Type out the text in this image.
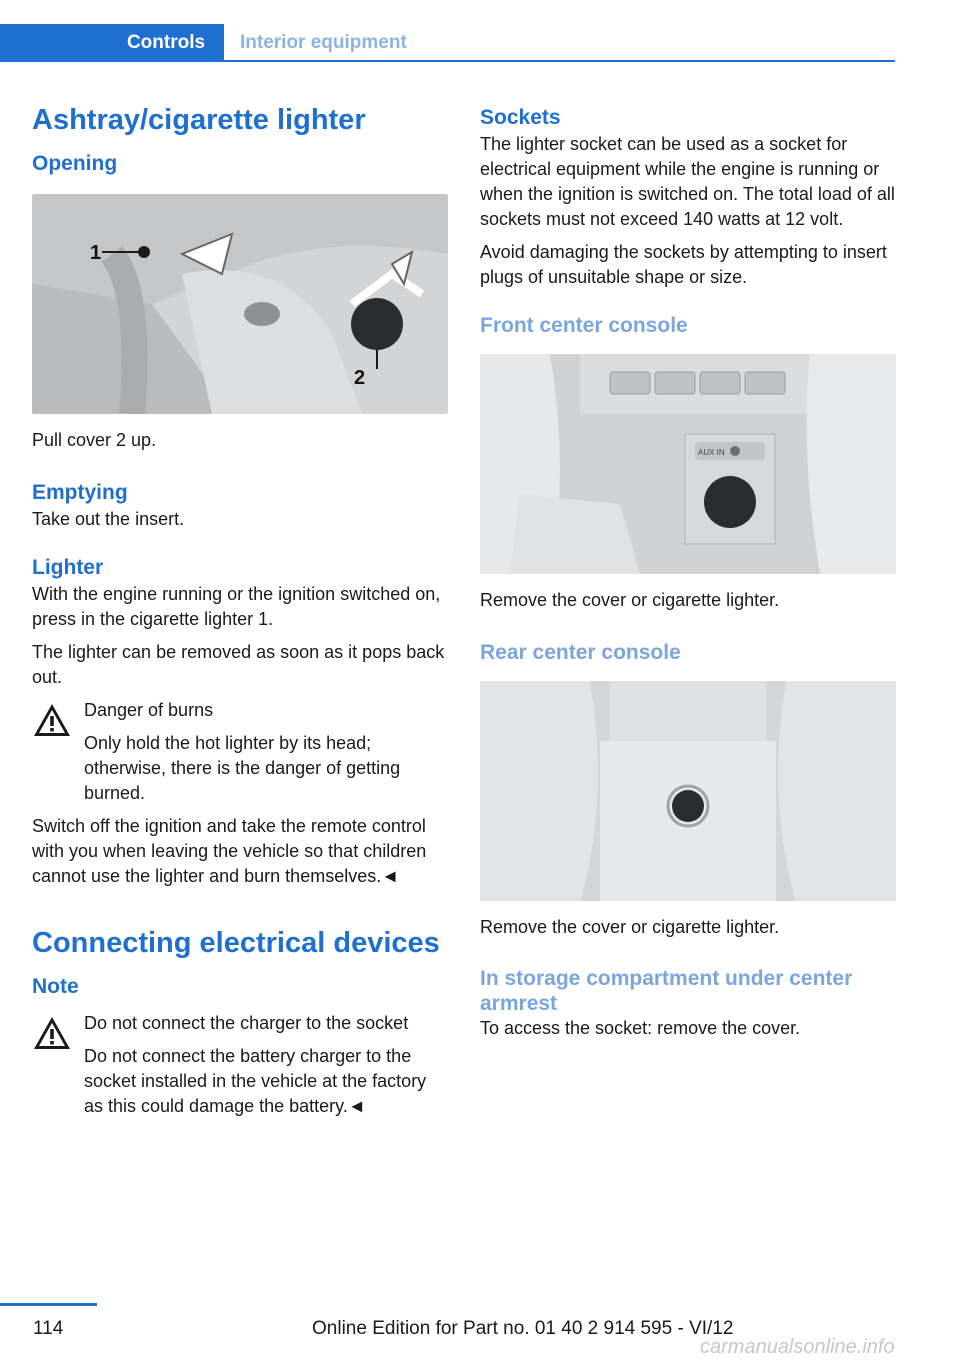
Controls Interior equipment
Ashtray/cigarette lighter
Opening
1
2

Pull cover 2 up.

Emptying

Take out the insert.

Lighter

With the engine running or the ignition switched on, press in the cigarette lighter 1.

The lighter can be removed as soon as it pops back out.

Danger of burns

Only hold the hot lighter by its head; otherwise, there is the danger of getting burned.

Switch off the ignition and take the remote control with you when leaving the vehicle so that children cannot use the lighter and burn themselves.◄

Connecting electrical devices
Note

Do not connect the charger to the socket

Do not connect the battery charger to the socket installed in the vehicle at the factory as this could damage the battery.◄

Sockets

The lighter socket can be used as a socket for electrical equipment while the engine is running or when the ignition is switched on. The total load of all sockets must not exceed 140 watts at 12 volt.

Avoid damaging the sockets by attempting to insert plugs of unsuitable shape or size.

Front center console
AUX IN

Remove the cover or cigarette lighter.

Rear center console

Remove the cover or cigarette lighter.

In storage compartment under center armrest

To access the socket: remove the cover.

114	Online Edition for Part no. 01 40 2 914 595 - VI/12
carmanualsonline.info
